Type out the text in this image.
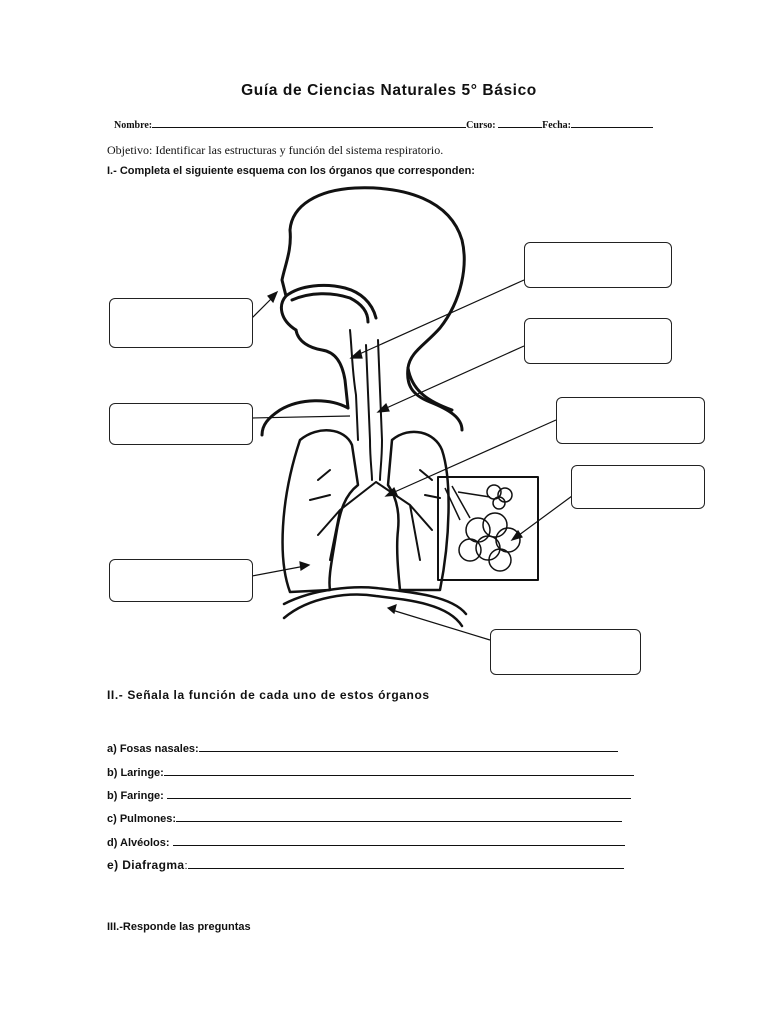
Guía de Ciencias Naturales 5° Básico
Nombre:	Curso:	Fecha:
Objetivo: Identificar las estructuras y función del sistema respiratorio.
I.- Completa el siguiente esquema con los órganos que corresponden:
II.- Señala la función de cada uno de estos órganos
a) Fosas nasales:
b) Laringe:
b) Faringe:
c) Pulmones:
d) Alvéolos:
e) Diafragma:
III.-Responde las preguntas
